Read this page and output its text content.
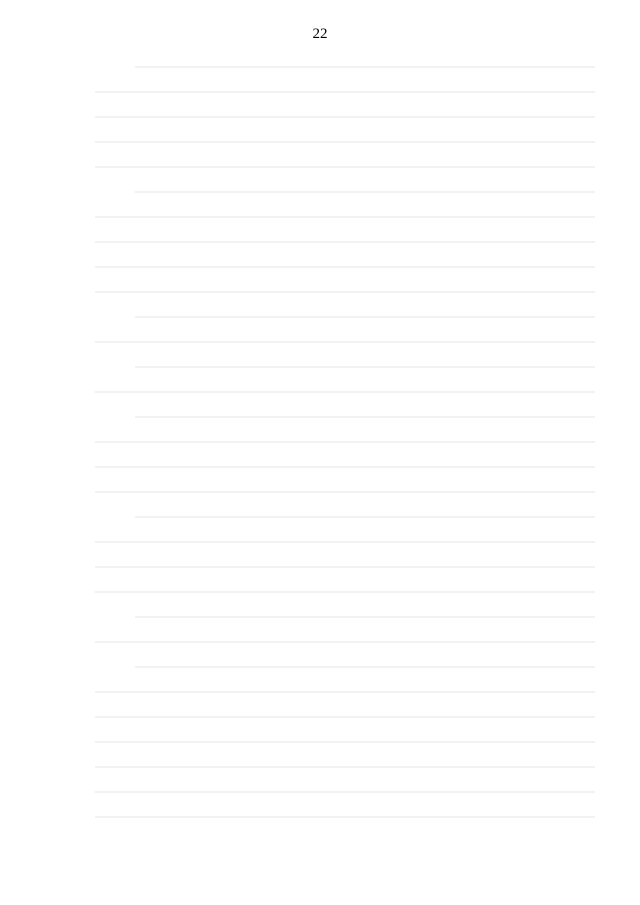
22
